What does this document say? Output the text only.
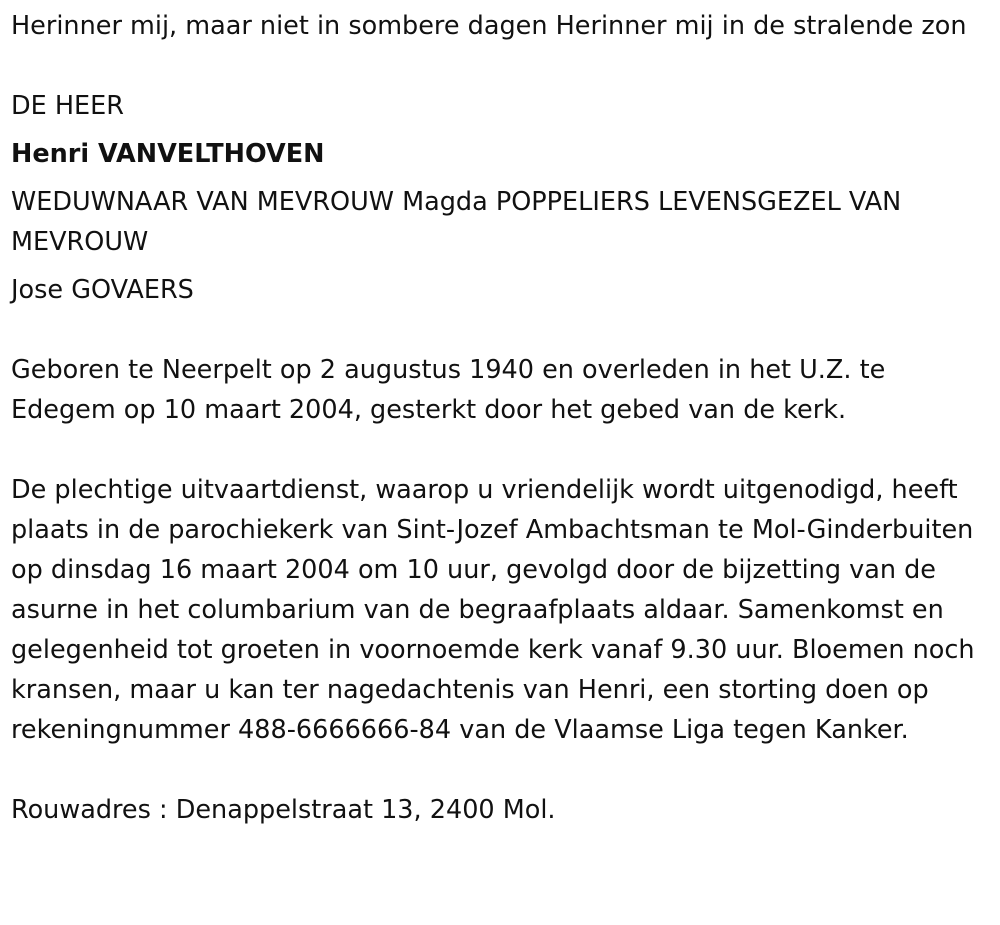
Herinner mij, maar niet in sombere dagen Herinner mij in de stralende zon

DE HEER

Henri VANVELTHOVEN

WEDUWNAAR VAN MEVROUW Magda POPPELIERS LEVENSGEZEL VAN MEVROUW

Jose GOVAERS

Geboren te Neerpelt op 2 augustus 1940 en overleden in het U.Z. te Edegem op 10 maart 2004, gesterkt door het gebed van de kerk.

De plechtige uitvaartdienst, waarop u vriendelijk wordt uitgenodigd, heeft plaats in de parochiekerk van Sint-Jozef Ambachtsman te Mol-Ginderbuiten op dinsdag 16 maart 2004 om 10 uur, gevolgd door de bijzetting van de asurne in het columbarium van de begraafplaats aldaar. Samenkomst en gelegenheid tot groeten in voornoemde kerk vanaf 9.30 uur. Bloemen noch kransen, maar u kan ter nagedachtenis van Henri, een storting doen op rekeningnummer 488-6666666-84 van de Vlaamse Liga tegen Kanker.

Rouwadres : Denappelstraat 13, 2400 Mol.
